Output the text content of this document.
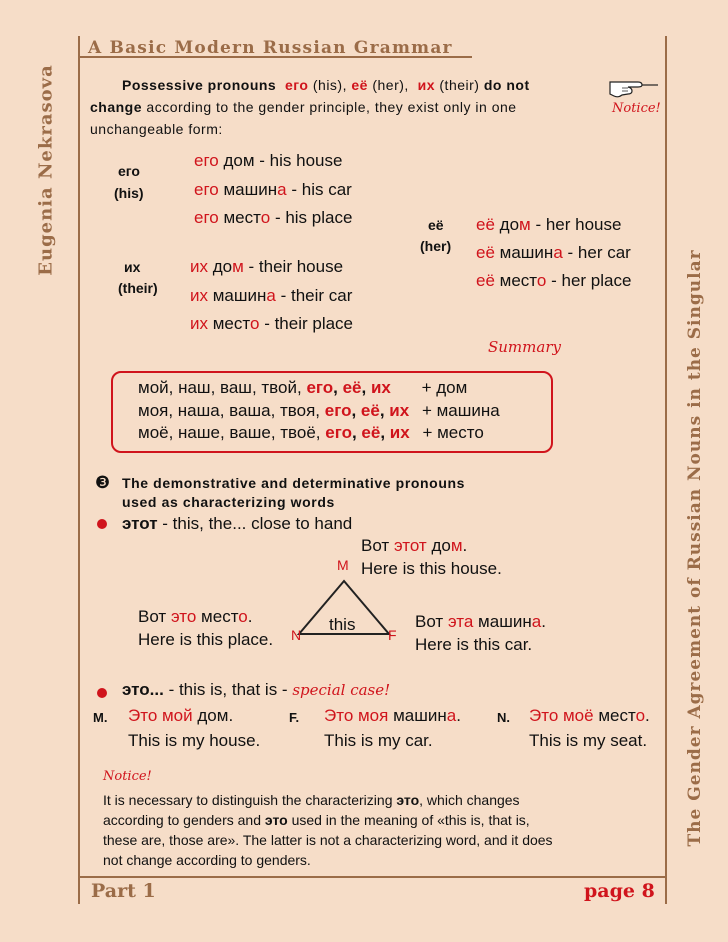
A Basic Modern Russian Grammar
Eugenia Nekrasova
The Gender Agreement of Russian Nouns in the Singular
Possessive pronouns его (his), её (her), их (their) do not
change according to the gender principle, they exist only in one
unchangeable form:
Notice!
его
(his)
его дом - his house
его машина - his car
его место - his place	её
(her)
её дом - her house
её машина - her car
её место - her place
их
(their)
их дом - their house
их машина - their car
их место - their place
Summary
мой, наш, ваш, твой, его, её, их + дом
моя, наша, ваша, твоя, его, её, их + машина
моё, наше, ваше, твоё, его, её, их + место
❸ The demonstrative and determinative pronouns
used as characterizing words
этот - this, the... close to hand
this
M
N	F
Вот этот дом.
Here is this house.
Вот это место.
Here is this place.
Вот эта машина.
Here is this car.
это... - this is, that is - special case!
M. Это мой дом.
This is my house.
F. Это моя машина.
This is my car.
N. Это моё место.
This is my seat.
Notice!
It is necessary to distinguish the characterizing это, which changes
according to genders and это used in the meaning of «this is, that is,
these are, those are». The latter is not a characterizing word, and it does
not change according to genders.
Part 1	page 8
